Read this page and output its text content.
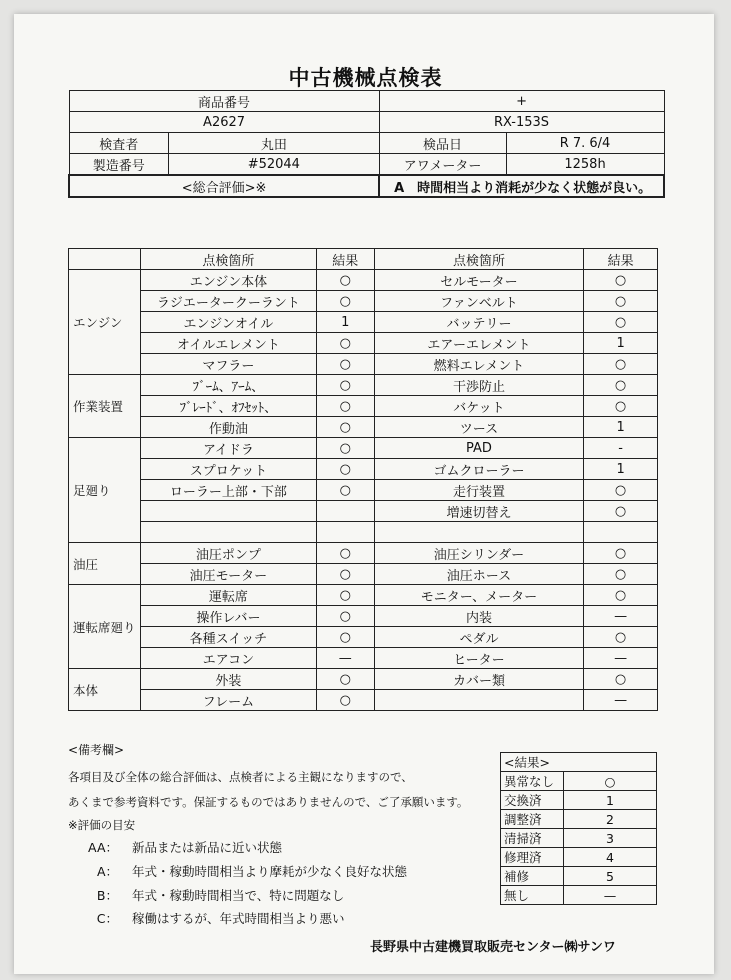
中古機械点検表
商品番号		+	
A2627		RX-153S	
検査者	丸田	検品日	R 7. 6/4
製造番号	#52044	アワメーター	1258h
<総合評価>※		A　時間相当より消耗が少なく状態が良い。	
	点検箇所	結果	点検箇所	結果
エンジン	エンジン本体	○	セルモーター	○
	ラジエータークーラント	○	ファンベルト	○
	エンジンオイル	1	バッテリー	○
	オイルエレメント	○	エアーエレメント	1
	マフラー	○	燃料エレメント	○
作業装置	ﾌﾞｰﾑ、ｱｰﾑ、	○	干渉防止	○
	ﾌﾞﾚｰﾄﾞ、ｵﾌｾｯﾄ、	○	バケット	○
	作動油	○	ツース	1
足廻り	アイドラ	○	PAD	-
	スプロケット	○	ゴムクローラー	1
	ローラー上部・下部	○	走行装置	○
			増速切替え	○

油圧	油圧ポンプ	○	油圧シリンダー	○
	油圧モーター	○	油圧ホース	○
運転席廻り	運転席	○	モニター、メーター	○
	操作レバー	○	内装	—
	各種スイッチ	○	ペダル	○
	エアコン	—	ヒーター	—
本体	外装	○	カバー類	○
	フレーム	○		—
<備考欄>
各項目及び全体の総合評価は、点検者による主観になりますので、
あくまで参考資料です。保証するものではありませんので、ご了承願います。
※評価の目安
AA： 新品または新品に近い状態
A： 年式・稼動時間相当より摩耗が少なく良好な状態
B： 年式・稼動時間相当で、特に問題なし
C： 稼働はするが、年式時間相当より悪い
<結果>	
異常なし	○
交換済	1
調整済	2
清掃済	3
修理済	4
補修	5
無し	—
長野県中古建機買取販売センター㈱サンワ
